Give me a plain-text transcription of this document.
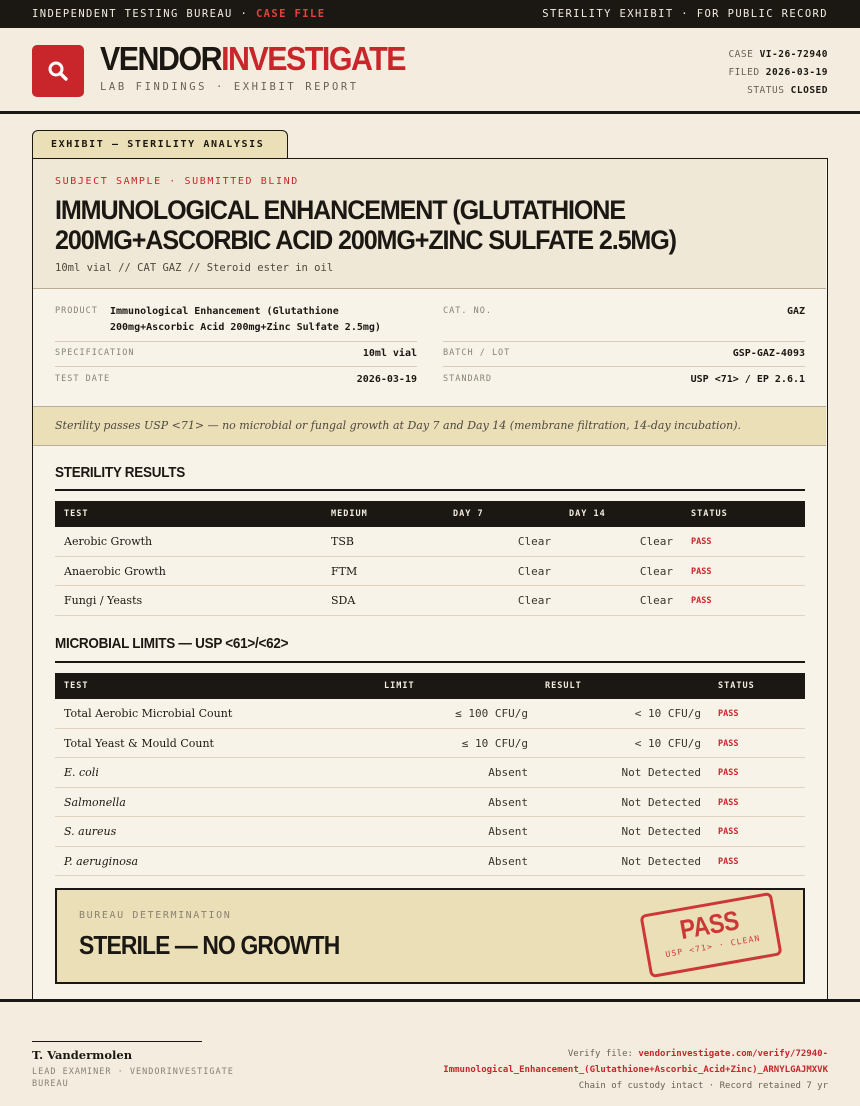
INDEPENDENT TESTING BUREAU · CASE FILE	STERILITY EXHIBIT · FOR PUBLIC RECORD
VENDORINVESTIGATE
LAB FINDINGS · EXHIBIT REPORT
CASE VI-26-72940
FILED 2026-03-19
STATUS CLOSED
EXHIBIT — STERILITY ANALYSIS
SUBJECT SAMPLE · SUBMITTED BLIND
IMMUNOLOGICAL ENHANCEMENT (GLUTATHIONE 200MG+ASCORBIC ACID 200MG+ZINC SULFATE 2.5MG)
10ml vial // CAT GAZ // Steroid ester in oil
PRODUCT Immunological Enhancement (Glutathione
200mg+Ascorbic Acid 200mg+Zinc Sulfate 2.5mg)
CAT. NO.	GAZ
SPECIFICATION	10ml vial	BATCH / LOT	GSP-GAZ-4093
TEST DATE	2026-03-19	STANDARD	USP <71> / EP 2.6.1
Sterility passes USP <71> — no microbial or fungal growth at Day 7 and Day 14 (membrane filtration, 14-day incubation).
STERILITY RESULTS
TEST	MEDIUM	DAY 7	DAY 14	STATUS
Aerobic Growth	TSB	Clear	Clear PASS
Anaerobic Growth	FTM	Clear	Clear PASS
Fungi / Yeasts	SDA	Clear	Clear PASS
MICROBIAL LIMITS — USP <61>/<62>
TEST	LIMIT	RESULT	STATUS
Total Aerobic Microbial Count	≤ 100 CFU/g	< 10 CFU/g PASS
Total Yeast & Mould Count	≤ 10 CFU/g	< 10 CFU/g PASS
E. coli	Absent	Not Detected PASS
Salmonella	Absent	Not Detected PASS
S. aureus	Absent	Not Detected PASS
P. aeruginosa	Absent	Not Detected PASS
BUREAU DETERMINATION
STERILE — NO GROWTH	PASS
USP <71> · CLEAN
T. Vandermolen
LEAD EXAMINER · VENDORINVESTIGATE BUREAU
Verify file: vendorinvestigate.com/verify/72940-
Immunological_Enhancement_(Glutathione+Ascorbic_Acid+Zinc)_ARNYLGAJMXVK
Chain of custody intact · Record retained 7 yr
